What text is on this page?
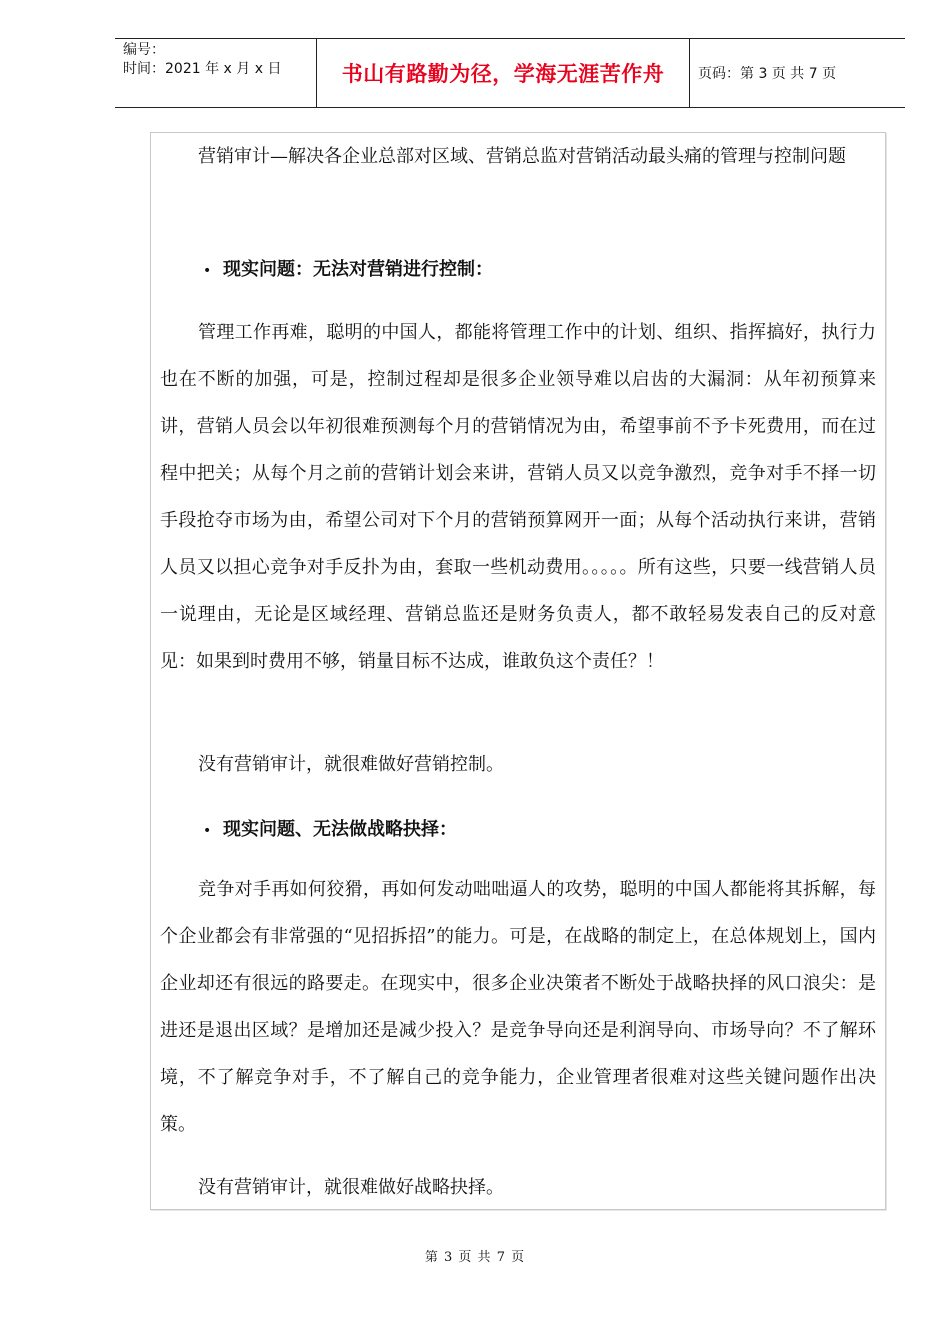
编号：
时间：2021 年 x 月 x 日	书山有路勤为径，学海无涯苦作舟 页码：第 3 页 共 7 页

营销审计—解决各企业总部对区域、营销总监对营销活动最头痛的管理与控制问题

• 现实问题：无法对营销进行控制：

管理工作再难，聪明的中国人，都能将管理工作中的计划、组织、指挥搞好，执行力也在不断的加强，可是，控制过程却是很多企业领导难以启齿的大漏洞：从年初预算来讲，营销人员会以年初很难预测每个月的营销情况为由，希望事前不予卡死费用，而在过程中把关；从每个月之前的营销计划会来讲，营销人员又以竞争激烈，竞争对手不择一切手段抢夺市场为由，希望公司对下个月的营销预算网开一面；从每个活动执行来讲，营销人员又以担心竞争对手反扑为由，套取一些机动费用。。。。。所有这些，只要一线营销人员一说理由，无论是区域经理、营销总监还是财务负责人，都不敢轻易发表自己的反对意见：如果到时费用不够，销量目标不达成，谁敢负这个责任？！

没有营销审计，就很难做好营销控制。

• 现实问题、无法做战略抉择：

竞争对手再如何狡猾，再如何发动咄咄逼人的攻势，聪明的中国人都能将其拆解，每个企业都会有非常强的“见招拆招”的能力。可是，在战略的制定上，在总体规划上，国内企业却还有很远的路要走。在现实中，很多企业决策者不断处于战略抉择的风口浪尖：是进还是退出区域？是增加还是减少投入？是竞争导向还是利润导向、市场导向？不了解环境，不了解竞争对手，不了解自己的竞争能力，企业管理者很难对这些关键问题作出决策。

没有营销审计，就很难做好战略抉择。

第 3 页 共 7 页
